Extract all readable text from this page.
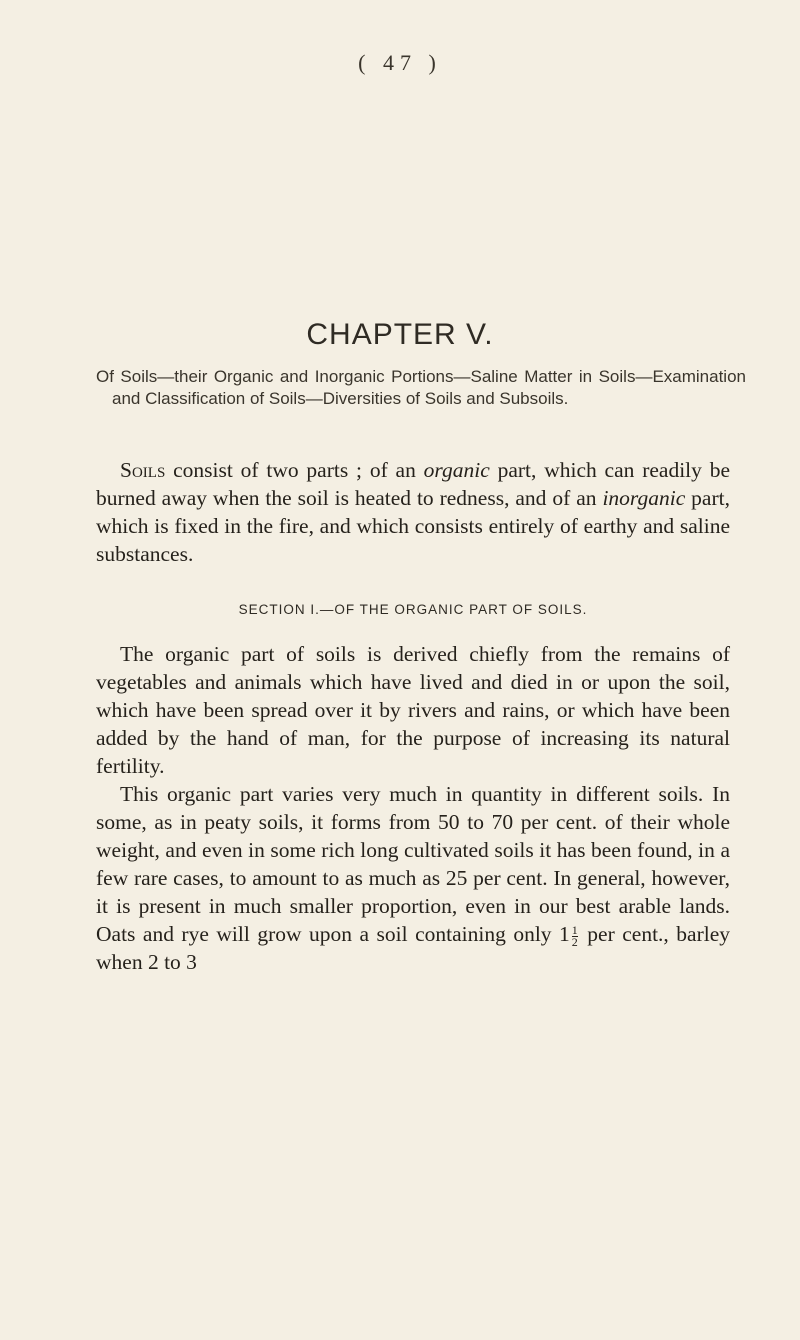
( 47 )
CHAPTER V.
Of Soils—their Organic and Inorganic Portions—Saline Matter in Soils—Examination and Classification of Soils—Diversities of Soils and Subsoils.
Soils consist of two parts ; of an organic part, which can readily be burned away when the soil is heated to redness, and of an inorganic part, which is fixed in the fire, and which consists entirely of earthy and saline substances.
SECTION I.—OF THE ORGANIC PART OF SOILS.
The organic part of soils is derived chiefly from the remains of vegetables and animals which have lived and died in or upon the soil, which have been spread over it by rivers and rains, or which have been added by the hand of man, for the purpose of increasing its natural fertility.
This organic part varies very much in quantity in different soils. In some, as in peaty soils, it forms from 50 to 70 per cent. of their whole weight, and even in some rich long cultivated soils it has been found, in a few rare cases, to amount to as much as 25 per cent. In general, however, it is present in much smaller proportion, even in our best arable lands. Oats and rye will grow upon a soil containing only $1 \frac{1}{2}$ per cent., barley when 2 to 3
